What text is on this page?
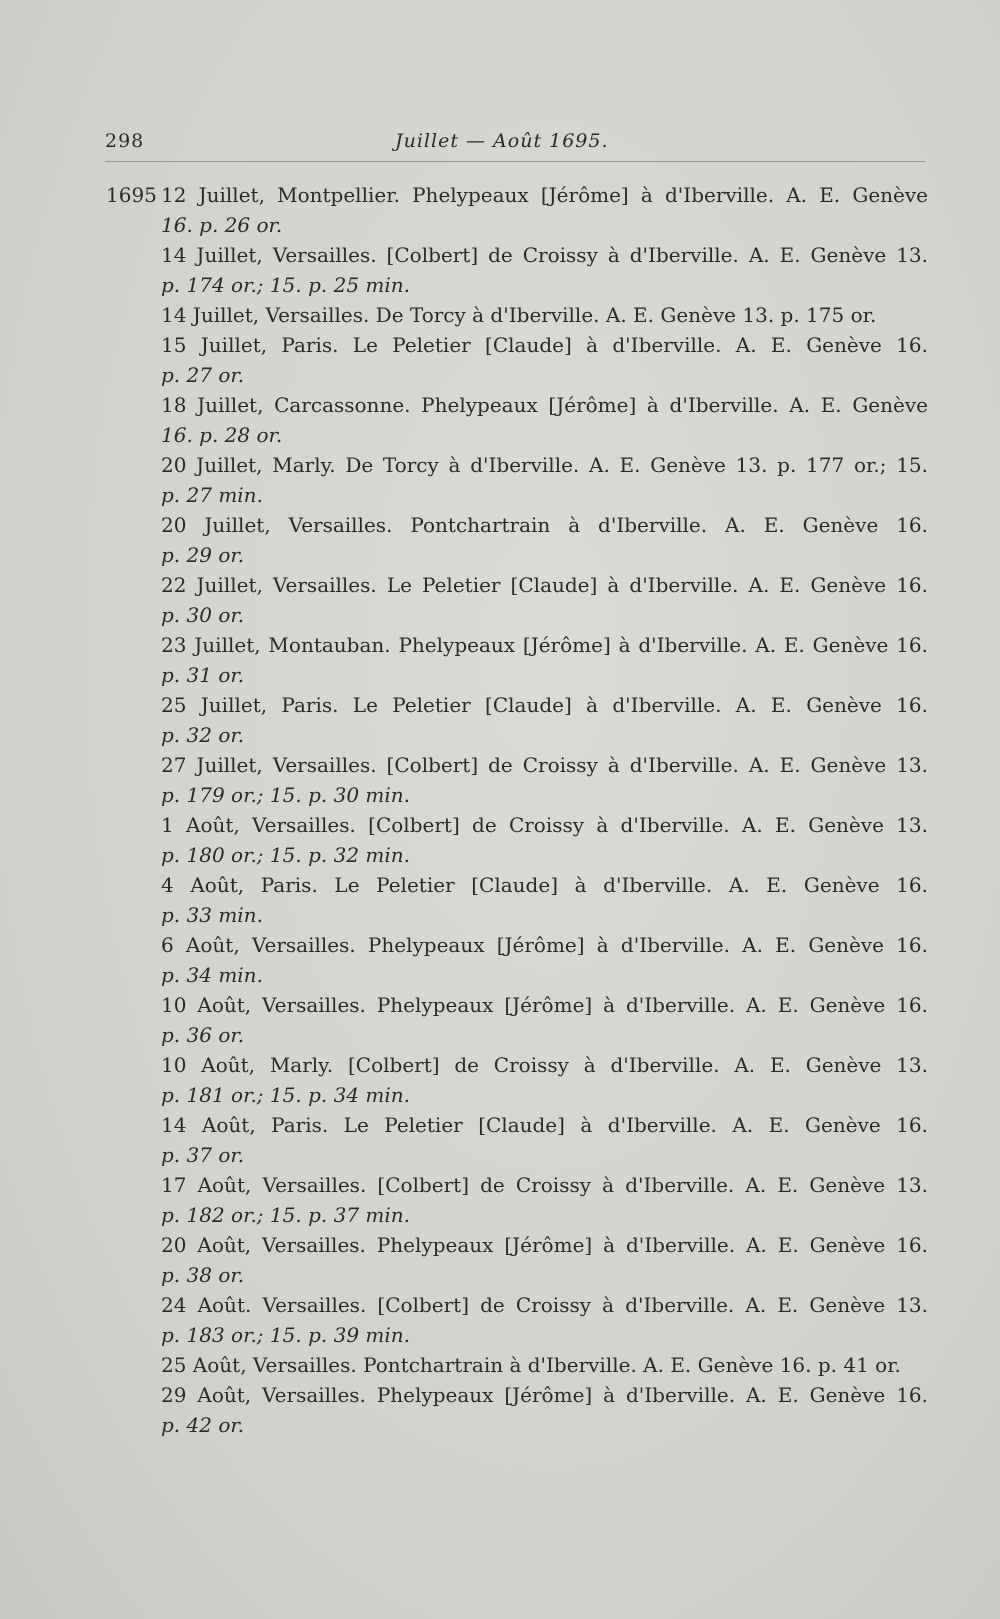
298	Juillet — Août 1695.
1695 12 Juillet, Montpellier. Phelypeaux [Jérôme] à d'Iberville. A. E. Genève
16. p. 26 or.
14 Juillet, Versailles. [Colbert] de Croissy à d'Iberville. A. E. Genève 13.
p. 174 or.; 15. p. 25 min.
14 Juillet, Versailles. De Torcy à d'Iberville. A. E. Genève 13. p. 175 or.
15 Juillet, Paris. Le Peletier [Claude] à d'Iberville. A. E. Genève 16.
p. 27 or.
18 Juillet, Carcassonne. Phelypeaux [Jérôme] à d'Iberville. A. E. Genève
16. p. 28 or.
20 Juillet, Marly. De Torcy à d'Iberville. A. E. Genève 13. p. 177 or.; 15.
p. 27 min.
20 Juillet, Versailles. Pontchartrain à d'Iberville. A. E. Genève 16.
p. 29 or.
22 Juillet, Versailles. Le Peletier [Claude] à d'Iberville. A. E. Genève 16.
p. 30 or.
23 Juillet, Montauban. Phelypeaux [Jérôme] à d'Iberville. A. E. Genève 16.
p. 31 or.
25 Juillet, Paris. Le Peletier [Claude] à d'Iberville. A. E. Genève 16.
p. 32 or.
27 Juillet, Versailles. [Colbert] de Croissy à d'Iberville. A. E. Genève 13.
p. 179 or.; 15. p. 30 min.
1 Août, Versailles. [Colbert] de Croissy à d'Iberville. A. E. Genève 13.
p. 180 or.; 15. p. 32 min.
4 Août, Paris. Le Peletier [Claude] à d'Iberville. A. E. Genève 16.
p. 33 min.
6 Août, Versailles. Phelypeaux [Jérôme] à d'Iberville. A. E. Genève 16.
p. 34 min.
10 Août, Versailles. Phelypeaux [Jérôme] à d'Iberville. A. E. Genève 16.
p. 36 or.
10 Août, Marly. [Colbert] de Croissy à d'Iberville. A. E. Genève 13.
p. 181 or.; 15. p. 34 min.
14 Août, Paris. Le Peletier [Claude] à d'Iberville. A. E. Genève 16.
p. 37 or.
17 Août, Versailles. [Colbert] de Croissy à d'Iberville. A. E. Genève 13.
p. 182 or.; 15. p. 37 min.
20 Août, Versailles. Phelypeaux [Jérôme] à d'Iberville. A. E. Genève 16.
p. 38 or.
24 Août. Versailles. [Colbert] de Croissy à d'Iberville. A. E. Genève 13.
p. 183 or.; 15. p. 39 min.
25 Août, Versailles. Pontchartrain à d'Iberville. A. E. Genève 16. p. 41 or.
29 Août, Versailles. Phelypeaux [Jérôme] à d'Iberville. A. E. Genève 16.
p. 42 or.
